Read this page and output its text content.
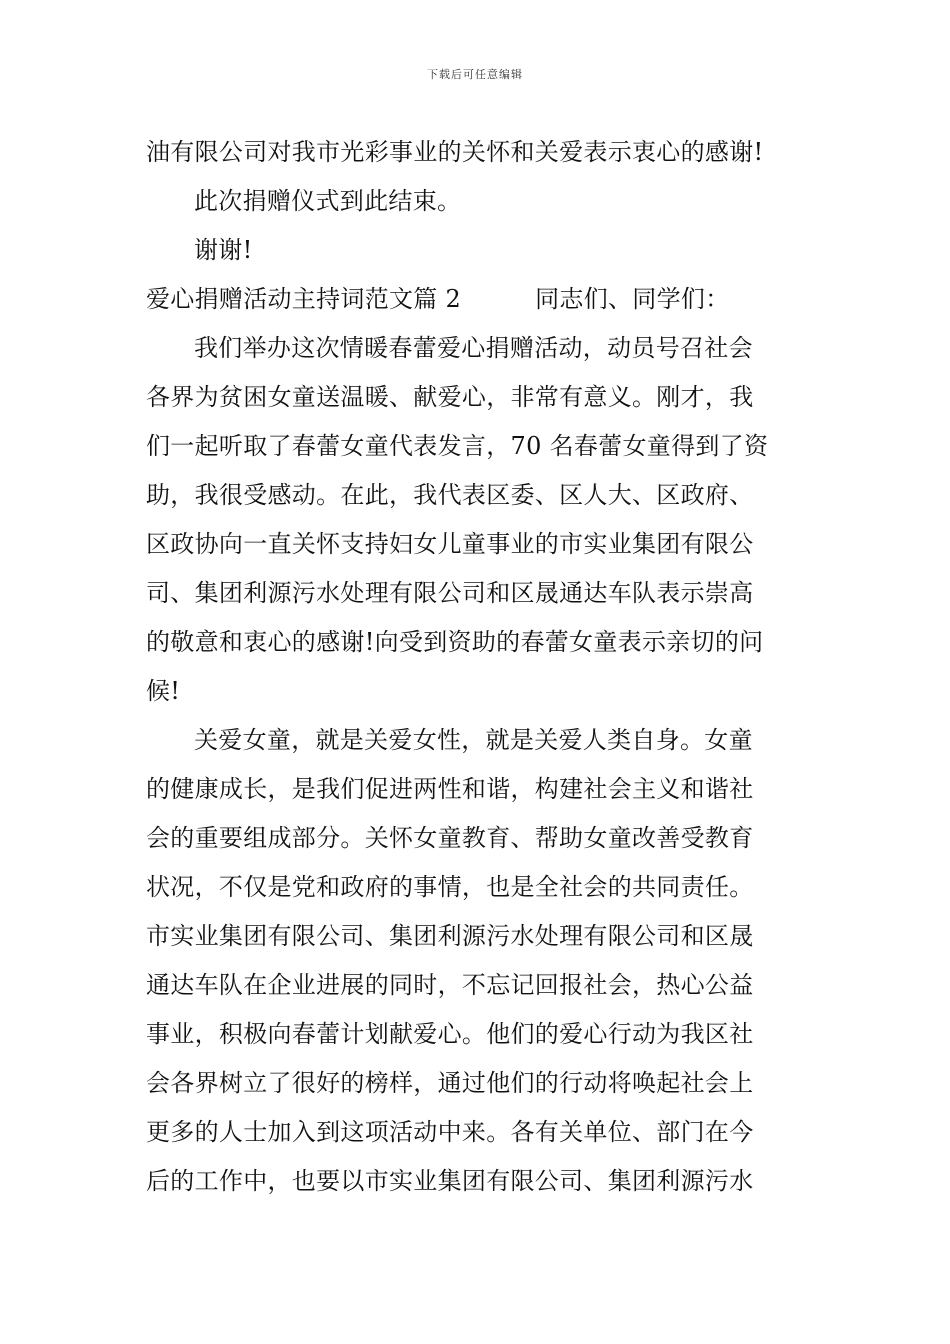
下载后可任意编辑
油有限公司对我市光彩事业的关怀和关爱表示衷心的感谢!
此次捐赠仪式到此结束。
谢谢!
爱心捐赠活动主持词范文篇 2	同志们、同学们：
我们举办这次情暖春蕾爱心捐赠活动，动员号召社会
各界为贫困女童送温暖、献爱心，非常有意义。刚才，我
们一起听取了春蕾女童代表发言，70 名春蕾女童得到了资
助，我很受感动。在此，我代表区委、区人大、区政府、
区政协向一直关怀支持妇女儿童事业的市实业集团有限公
司、集团利源污水处理有限公司和区晟通达车队表示崇高
的敬意和衷心的感谢!向受到资助的春蕾女童表示亲切的问
候!
关爱女童，就是关爱女性，就是关爱人类自身。女童
的健康成长，是我们促进两性和谐，构建社会主义和谐社
会的重要组成部分。关怀女童教育、帮助女童改善受教育
状况，不仅是党和政府的事情，也是全社会的共同责任。
市实业集团有限公司、集团利源污水处理有限公司和区晟
通达车队在企业进展的同时，不忘记回报社会，热心公益
事业，积极向春蕾计划献爱心。他们的爱心行动为我区社
会各界树立了很好的榜样，通过他们的行动将唤起社会上
更多的人士加入到这项活动中来。各有关单位、部门在今
后的工作中，也要以市实业集团有限公司、集团利源污水
